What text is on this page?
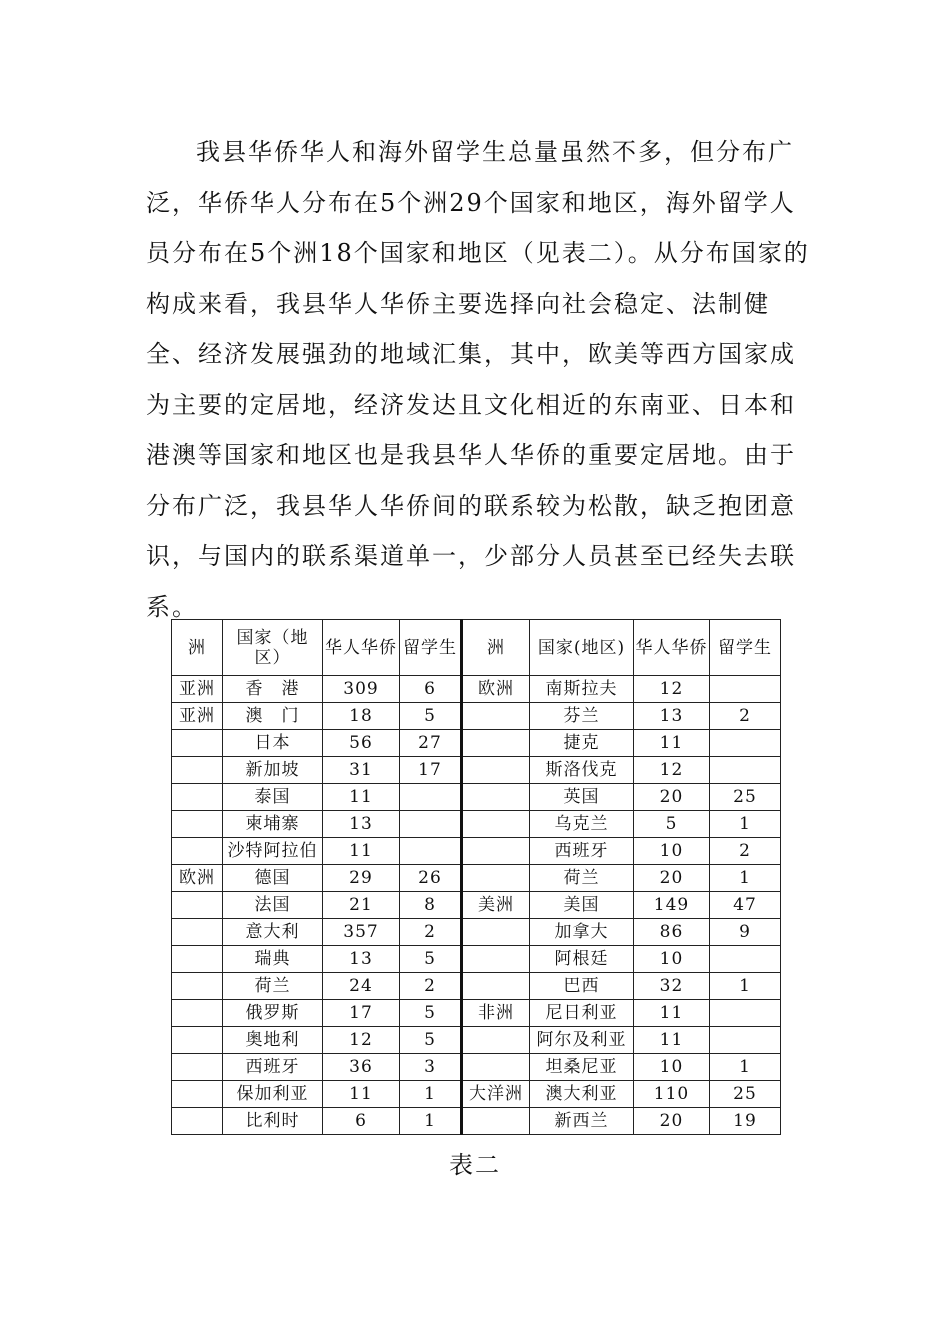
我县华侨华人和海外留学生总量虽然不多，但分布广泛，华侨华人分布在5个洲29个国家和地区，海外留学人员分布在5个洲18个国家和地区（见表二）。从分布国家的构成来看，我县华人华侨主要选择向社会稳定、法制健全、经济发展强劲的地域汇集，其中，欧美等西方国家成为主要的定居地，经济发达且文化相近的东南亚、日本和港澳等国家和地区也是我县华人华侨的重要定居地。由于分布广泛，我县华人华侨间的联系较为松散，缺乏抱团意识，与国内的联系渠道单一，少部分人员甚至已经失去联系。
洲	国家（地区）	华人华侨	留学生	洲	国家(地区)	华人华侨	留学生
亚洲	香　港	309	6	欧洲	南斯拉夫	12	
亚洲	澳　门	18	5		芬兰	13	2
	日本	56	27		捷克	11	
	新加坡	31	17		斯洛伐克	12	
	泰国	11			英国	20	25
	柬埔寨	13			乌克兰	5	1
	沙特阿拉伯	11			西班牙	10	2
欧洲	德国	29	26		荷兰	20	1
	法国	21	8	美洲	美国	149	47
	意大利	357	2		加拿大	86	9
	瑞典	13	5		阿根廷	10	
	荷兰	24	2		巴西	32	1
	俄罗斯	17	5	非洲	尼日利亚	11	
	奥地利	12	5		阿尔及利亚	11	
	西班牙	36	3		坦桑尼亚	10	1
	保加利亚	11	1	大洋洲	澳大利亚	110	25
	比利时	6	1		新西兰	20	19
表二
